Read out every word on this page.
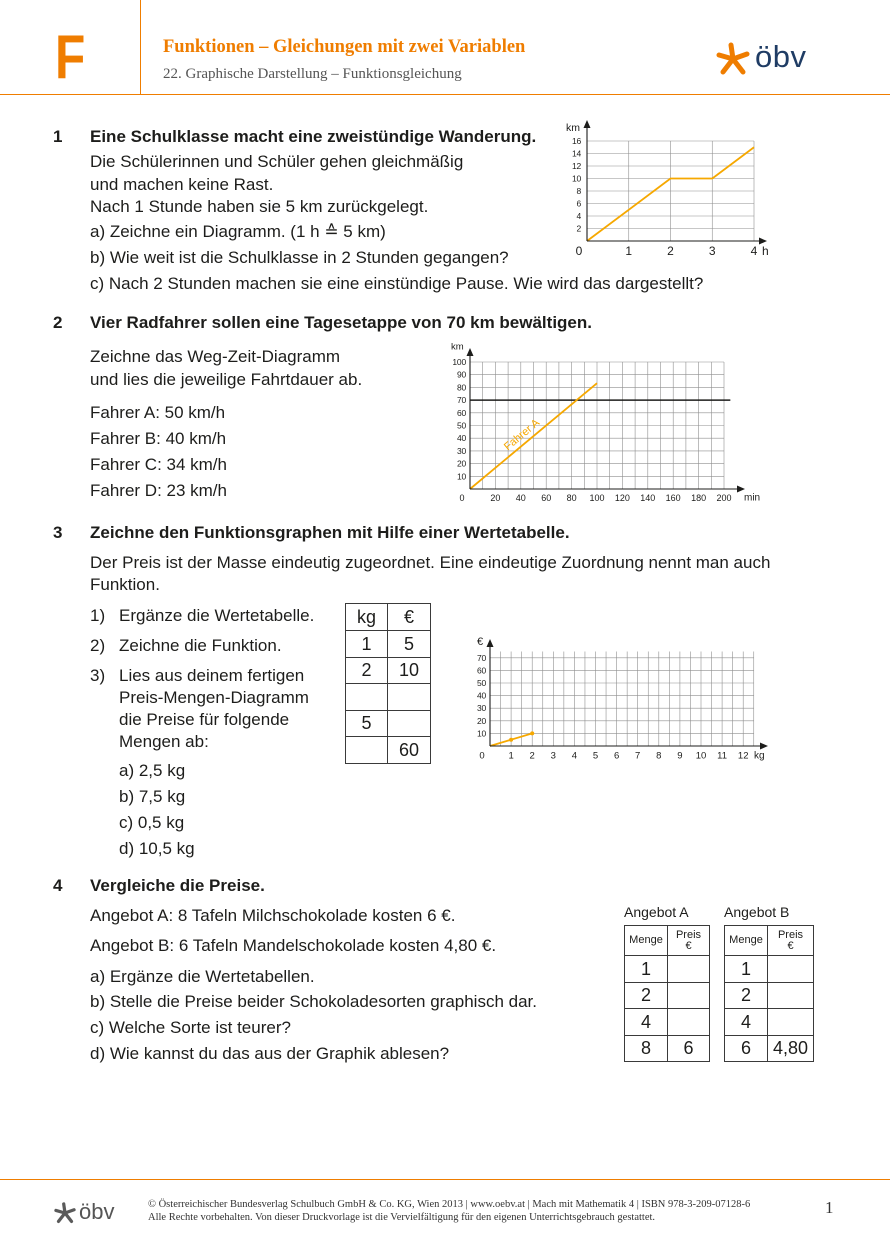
F	Funktionen – Gleichungen mit zwei Variablen
22. Graphische Darstellung – Funktionsgleichung	öbv
1 Eine Schulklasse macht eine zweistündige Wanderung.
Die Schülerinnen und Schüler gehen gleichmäßig
und machen keine Rast.
Nach 1 Stunde haben sie 5 km zurückgelegt.
a) Zeichne ein Diagramm. (1 h ≙ 5 km)
b) Wie weit ist die Schulklasse in 2 Stunden gegangen?
c) Nach 2 Stunden machen sie eine einstündige Pause. Wie wird das dargestellt?
0	1	2	3	4
2
4
6
8
10
12
14
16
km
h
2 Vier Radfahrer sollen eine Tagesetappe von 70 km bewältigen.
Zeichne das Weg-Zeit-Diagramm
und lies die jeweilige Fahrtdauer ab.
Fahrer A: 50 km/h
Fahrer B: 40 km/h
Fahrer C: 34 km/h
Fahrer D: 23 km/h
Fahrer A
0	20 40 60 80 100 120 140 160 180 200
10
20
30
40
50
60
70
80
90
100
km
min
3 Zeichne den Funktionsgraphen mit Hilfe einer Wertetabelle.
Der Preis ist der Masse eindeutig zugeordnet. Eine eindeutige Zuordnung nennt man auch
Funktion.
1) Ergänze die Wertetabelle.
2) Zeichne die Funktion.
3) Lies aus deinem fertigen
Preis-Mengen-Diagramm
die Preise für folgende
Mengen ab:
a) 2,5 kg
b) 7,5 kg
c) 0,5 kg
d) 10,5 kg
kg	€
1	5
2	10

5	
	60	0	1 2 3 4 5 6 7 8 9 10 11 12
10
20
30
40
50
60
70
€
kg
4 Vergleiche die Preise.
Angebot A: 8 Tafeln Milchschokolade kosten 6 €.
Angebot B: 6 Tafeln Mandelschokolade kosten 4,80 €.
a) Ergänze die Wertetabellen.
b) Stelle die Preise beider Schokoladesorten graphisch dar.
c) Welche Sorte ist teurer?
d) Wie kannst du das aus der Graphik ablesen?
Angebot A
Menge	Preis
€

1	
2	
4	
8	6
Angebot B
Menge	Preis
€

1	
2	
4	
6	4,80
öbv	© Österreichischer Bundesverlag Schulbuch GmbH & Co. KG, Wien 2013 | www.oebv.at | Mach mit Mathematik 4 | ISBN 978-3-209-07128-6
Alle Rechte vorbehalten. Von dieser Druckvorlage ist die Vervielfältigung für den eigenen Unterrichtsgebrauch gestattet.
1
